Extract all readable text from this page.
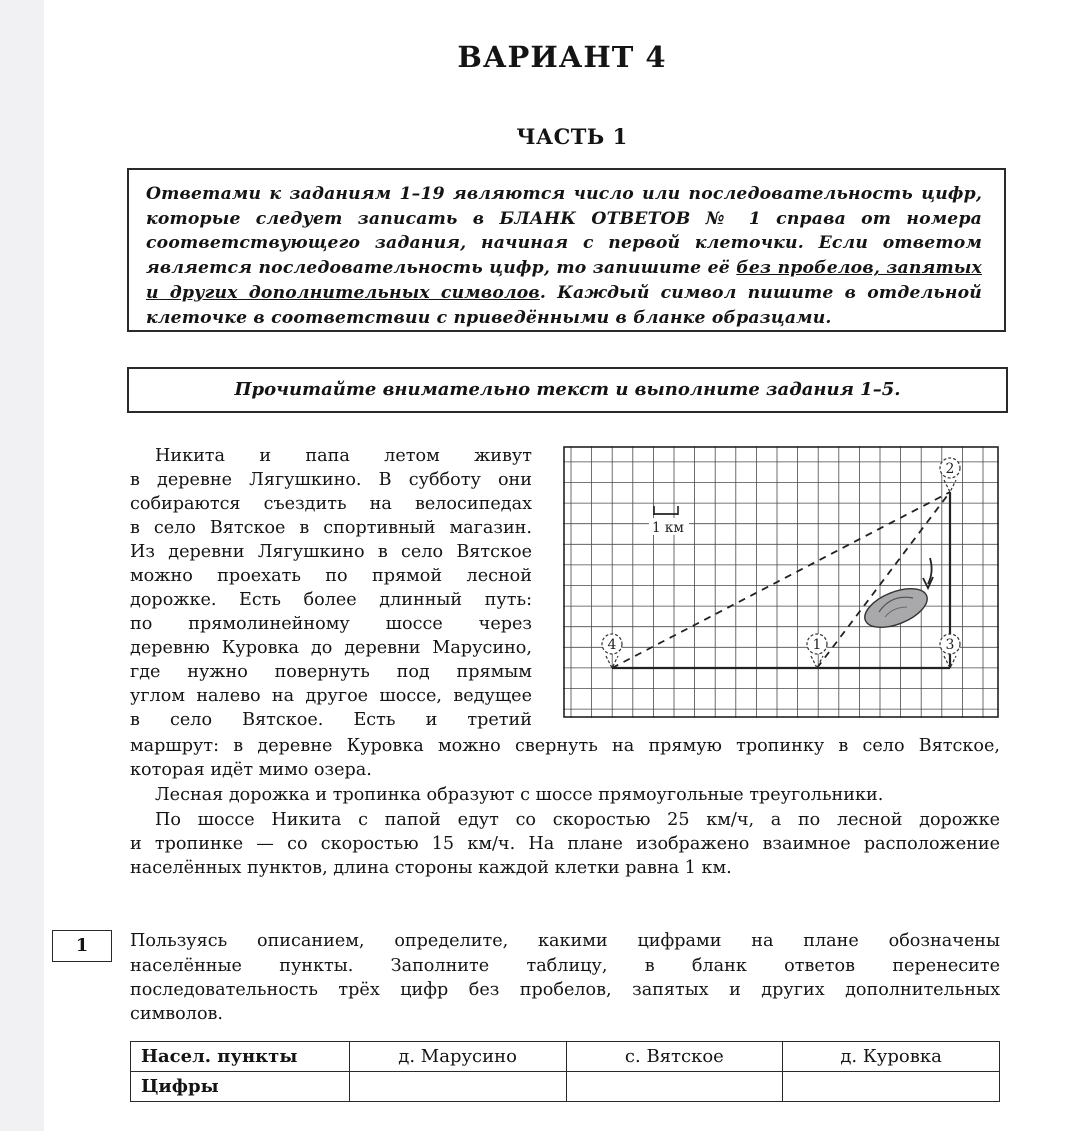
ВАРИАНТ 4
ЧАСТЬ 1
Ответами к заданиям 1–19 являются число или последовательность цифр, которые следует записать в БЛАНК ОТВЕТОВ № 1 справа от номера соответствующего задания, начиная с первой клеточки. Если ответом является последовательность цифр, то запишите её без пробелов, запятых и других дополнительных символов. Каждый символ пишите в отдельной клеточке в соответствии с приведёнными в бланке образцами.
Прочитайте внимательно текст и выполните задания 1–5.
Никита и папа летом живут
в деревне Лягушкино. В субботу они
собираются съездить на велосипедах
в село Вятское в спортивный магазин.
Из деревни Лягушкино в село Вятское
можно проехать по прямой лесной
дорожке. Есть более длинный путь:
по прямолинейному шоссе через
деревню Куровка до деревни Марусино,
где нужно повернуть под прямым
углом налево на другое шоссе, ведущее
в село Вятское. Есть и третий
маршрут: в деревне Куровка можно свернуть на прямую тропинку в село Вятское,
которая идёт мимо озера.
Лесная дорожка и тропинка образуют с шоссе прямоугольные треугольники.
По шоссе Никита с папой едут со скоростью 25 км/ч, а по лесной дорожке
и тропинке — со скоростью 15 км/ч. На плане изображено взаимное расположение
населённых пунктов, длина стороны каждой клетки равна 1 км.
1 км
4	1
2
3
1	Пользуясь описанием, определите, какими цифрами на плане обозначены
населённые пункты. Заполните таблицу, в бланк ответов перенесите
последовательность трёх цифр без пробелов, запятых и других дополнительных
символов.
Насел. пункты	д. Марусино	с. Вятское	д. Куровка
Цифры			
